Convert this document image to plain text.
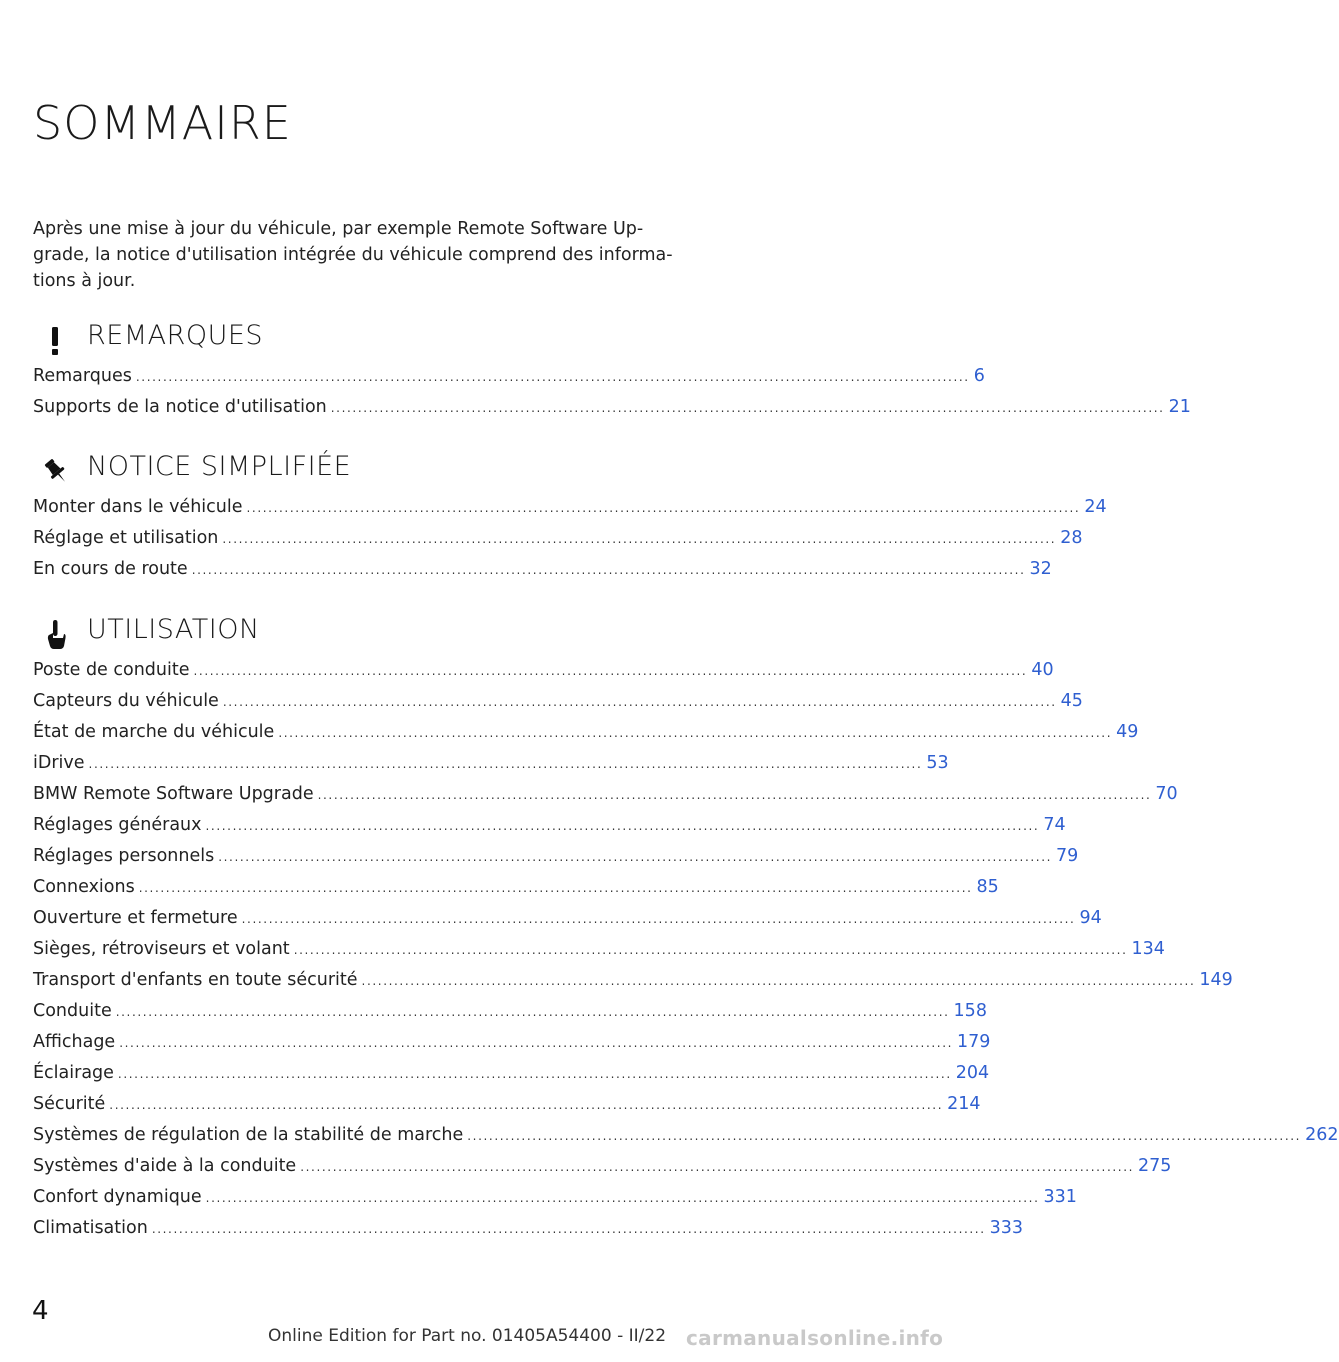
SOMMAIRE

Après une mise à jour du véhicule, par exemple Remote Software Up-grade, la notice d'utilisation intégrée du véhicule comprend des informa-tions à jour.

REMARQUES
Remarques .......................................................................................................................................................... 6
Supports de la notice d'utilisation .......................................................................................................................................................... 21
NOTICE SIMPLIFIÉE
Monter dans le véhicule .......................................................................................................................................................... 24
Réglage et utilisation .......................................................................................................................................................... 28
En cours de route .......................................................................................................................................................... 32
UTILISATION
Poste de conduite .......................................................................................................................................................... 40
Capteurs du véhicule .......................................................................................................................................................... 45
État de marche du véhicule .......................................................................................................................................................... 49
iDrive .......................................................................................................................................................... 53
BMW Remote Software Upgrade .......................................................................................................................................................... 70
Réglages généraux .......................................................................................................................................................... 74
Réglages personnels .......................................................................................................................................................... 79
Connexions .......................................................................................................................................................... 85
Ouverture et fermeture .......................................................................................................................................................... 94
Sièges, rétroviseurs et volant .......................................................................................................................................................... 134
Transport d'enfants en toute sécurité .......................................................................................................................................................... 149
Conduite .......................................................................................................................................................... 158
Affichage .......................................................................................................................................................... 179
Éclairage .......................................................................................................................................................... 204
Sécurité .......................................................................................................................................................... 214
Systèmes de régulation de la stabilité de marche .......................................................................................................................................................... 262
Systèmes d'aide à la conduite .......................................................................................................................................................... 275
Confort dynamique .......................................................................................................................................................... 331
Climatisation .......................................................................................................................................................... 333
4
Online Edition for Part no. 01405A54400 - II/22 carmanualsonline.info
